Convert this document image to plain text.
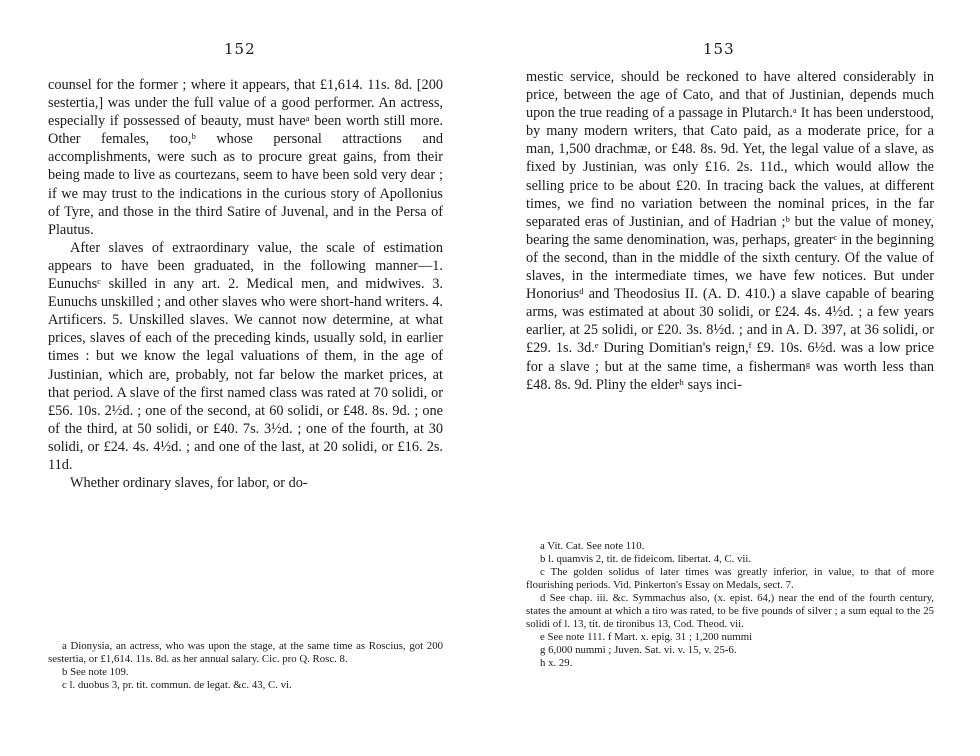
152

counsel for the former ; where it appears, that £1,614. 11s. 8d. [200 sestertia,] was under the full value of a good performer. An actress, especially if possessed of beauty, must haveᵃ been worth still more. Other females, too,ᵇ whose personal attractions and accomplishments, were such as to procure great gains, from their being made to live as courtezans, seem to have been sold very dear ; if we may trust to the indications in the curious story of Apollonius of Tyre, and those in the third Satire of Juvenal, and in the Persa of Plautus.

After slaves of extraordinary value, the scale of estimation appears to have been graduated, in the following manner—1. Eunuchsᶜ skilled in any art. 2. Medical men, and midwives. 3. Eunuchs unskilled ; and other slaves who were short-hand writers. 4. Artificers. 5. Unskilled slaves. We cannot now determine, at what prices, slaves of each of the preceding kinds, usually sold, in earlier times : but we know the legal valuations of them, in the age of Justinian, which are, probably, not far below the market prices, at that period. A slave of the first named class was rated at 70 solidi, or £56. 10s. 2½d. ; one of the second, at 60 solidi, or £48. 8s. 9d. ; one of the third, at 50 solidi, or £40. 7s. 3½d. ; one of the fourth, at 30 solidi, or £24. 4s. 4½d. ; and one of the last, at 20 solidi, or £16. 2s. 11d.

Whether ordinary slaves, for labor, or do-

a Dionysia, an actress, who was upon the stage, at the same time as Roscius, got 200 sestertia, or £1,614. 11s. 8d. as her annual salary. Cic. pro Q. Rosc. 8.

b See note 109.

c l. duobus 3, pr. tit. commun. de legat. &c. 43, C. vi.

153

mestic service, should be reckoned to have altered considerably in price, between the age of Cato, and that of Justinian, depends much upon the true reading of a passage in Plutarch.ᵃ It has been understood, by many modern writers, that Cato paid, as a moderate price, for a man, 1,500 drachmæ, or £48. 8s. 9d. Yet, the legal value of a slave, as fixed by Justinian, was only £16. 2s. 11d., which would allow the selling price to be about £20. In tracing back the values, at different times, we find no variation between the nominal prices, in the far separated eras of Justinian, and of Hadrian ;ᵇ but the value of money, bearing the same denomination, was, perhaps, greaterᶜ in the beginning of the second, than in the middle of the sixth century. Of the value of slaves, in the intermediate times, we have few notices. But under Honoriusᵈ and Theodosius II. (A. D. 410.) a slave capable of bearing arms, was estimated at about 30 solidi, or £24. 4s. 4½d. ; a few years earlier, at 25 solidi, or £20. 3s. 8½d. ; and in A. D. 397, at 36 solidi, or £29. 1s. 3d.ᵉ During Domitian's reign,ᶠ £9. 10s. 6½d. was a low price for a slave ; but at the same time, a fishermanᵍ was worth less than £48. 8s. 9d. Pliny the elderʰ says inci-

a Vit. Cat. See note 110.

b l. quamvis 2, tit. de fideicom. libertat. 4, C. vii.

c The golden solidus of later times was greatly inferior, in value, to that of more flourishing periods. Vid. Pinkerton's Essay on Medals, sect. 7.

d See chap. iii. &c. Symmachus also, (x. epist. 64,) near the end of the fourth century, states the amount at which a tiro was rated, to be five pounds of silver ; a sum equal to the 25 solidi of l. 13, tit. de tironibus 13, Cod. Theod. vii.

e See note 111. f Mart. x. epig. 31 ; 1,200 nummi

g 6,000 nummi ; Juven. Sat. vi. v. 15, v. 25-6.

h x. 29.
